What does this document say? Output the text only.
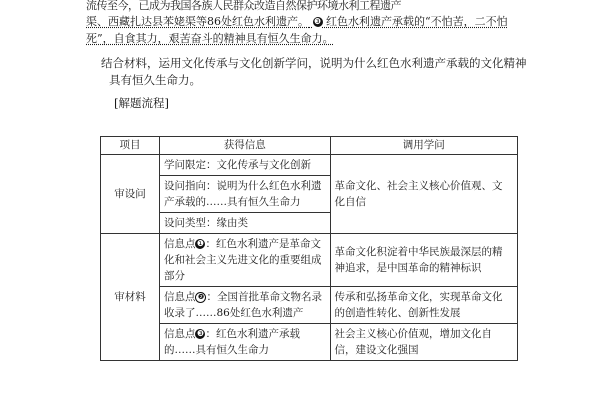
流传至今，已成为我国各族人民群众改造自然保护环境水利工程遗产
渠、西藏扎达县苯姥渠等86处红色水利遗产。 ❸ 红色水利遗产承载的“不怕苦，二不怕
死”，自食其力，艰苦奋斗的精神具有恒久生命力。

结合材料，运用文化传承与文化创新学问，说明为什么红色水利遗产承载的文化精神

具有恒久生命力。

[解题流程]
项目	获得信息	调用学问
审设问	学问限定：文化传承与文化创新	革命文化、社会主义核心价值观、文化自信
	设问指向：说明为什么红色水利遗产承载的……具有恒久生命力	
	设问类型：缘由类	
审材料	信息点❶：红色水利遗产是革命文化和社会主义先进文化的重要组成部分	革命文化积淀着中华民族最深层的精神追求，是中国革命的精神标识
	信息点 ❷ ：全国首批革命文物名录收录了……86处红色水利遗产	传承和弘扬革命文化，实现革命文化的创造性转化、创新性发展
	信息点❸：红色水利遗产承载的……具有恒久生命力	社会主义核心价值观，增加文化自信，建设文化强国
